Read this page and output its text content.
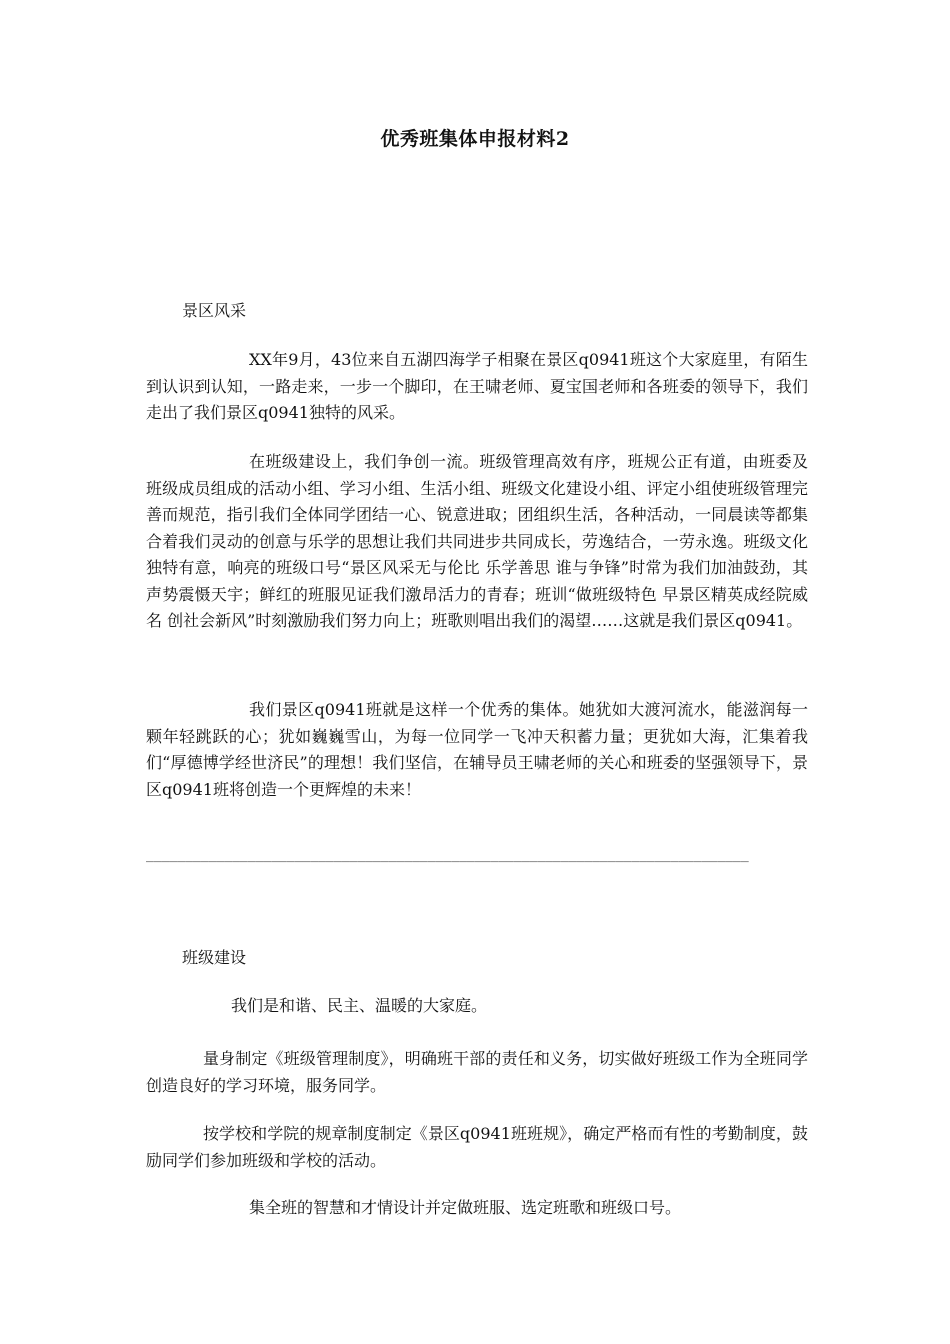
优秀班集体申报材料2
景区风采
XX年9月，43位来自五湖四海学子相聚在景区q0941班这个大家庭里，有陌生到认识到认知，一路走来，一步一个脚印，在王啸老师、夏宝国老师和各班委的领导下，我们走出了我们景区q0941独特的风采。
在班级建设上，我们争创一流。班级管理高效有序，班规公正有道，由班委及班级成员组成的活动小组、学习小组、生活小组、班级文化建设小组、评定小组使班级管理完善而规范，指引我们全体同学团结一心、锐意进取；团组织生活，各种活动，一同晨读等都集合着我们灵动的创意与乐学的思想让我们共同进步共同成长，劳逸结合，一劳永逸。班级文化独特有意，响亮的班级口号“景区风采无与伦比 乐学善思 谁与争锋”时常为我们加油鼓劲，其声势震慑天宇；鲜红的班服见证我们激昂活力的青春；班训“做班级特色 早景区精英成经院威名 创社会新风”时刻激励我们努力向上；班歌则唱出我们的渴望……这就是我们景区q0941。
我们景区q0941班就是这样一个优秀的集体。她犹如大渡河流水，能滋润每一颗年轻跳跃的心；犹如巍巍雪山，为每一位同学一飞冲天积蓄力量；更犹如大海，汇集着我们“厚德博学经世济民”的理想！我们坚信，在辅导员王啸老师的关心和班委的坚强领导下，景区q0941班将创造一个更辉煌的未来！
_____________________________________________________________________________
班级建设
我们是和谐、民主、温暖的大家庭。
量身制定《班级管理制度》，明确班干部的责任和义务，切实做好班级工作为全班同学创造良好的学习环境，服务同学。
按学校和学院的规章制度制定《景区q0941班班规》，确定严格而有性的考勤制度，鼓励同学们参加班级和学校的活动。
集全班的智慧和才情设计并定做班服、选定班歌和班级口号。
